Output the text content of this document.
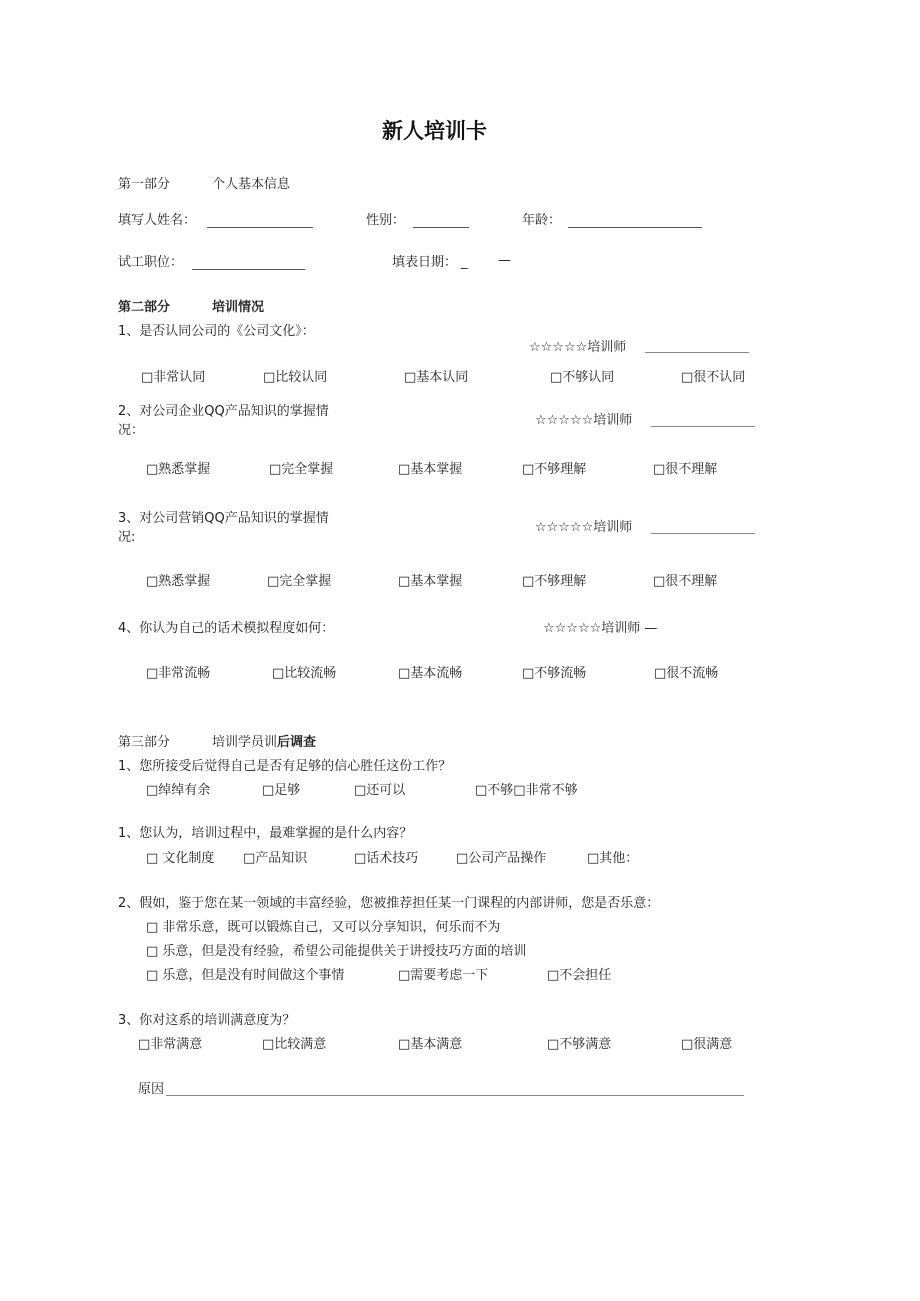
新人培训卡
第一部分	个人基本信息
填写人姓名：	性别：	年龄：
试工职位：	填表日期： _ —
第二部分	培训情况
1、是否认同公司的《公司文化》：
☆☆☆☆☆培训师
□非常认同	□比较认同	□基本认同	□不够认同	□很不认同
2、对公司企业QQ产品知识的掌握情
况：
☆☆☆☆☆培训师
□熟悉掌握	□完全掌握	□基本掌握	□不够理解	□很不理解
3、对公司营销QQ产品知识的掌握情
况:
☆☆☆☆☆培训师
□熟悉掌握	□完全掌握	□基本掌握	□不够理解	□很不理解
4、你认为自己的话术模拟程度如何：	☆☆☆☆☆培训师 —
□非常流畅	□比较流畅	□基本流畅	□不够流畅	□很不流畅
第三部分	培训学员训后调查
1、您所接受后觉得自己是否有足够的信心胜任这份工作？
□绰绰有余	□足够	□还可以	□不够□非常不够
1、您认为，培训过程中，最难掌握的是什么内容？
□ 文化制度 □产品知识	□话术技巧	□公司产品操作	□其他：
2、假如，鉴于您在某一领域的丰富经验，您被推荐担任某一门课程的内部讲师，您是否乐意：
□ 非常乐意，既可以锻炼自己，又可以分享知识，何乐而不为
□ 乐意，但是没有经验，希望公司能提供关于讲授技巧方面的培训
□ 乐意，但是没有时间做这个事情	□需要考虑一下	□不会担任
3、你对这系的培训满意度为？
□非常满意	□比较满意	□基本满意	□不够满意	□很满意
原因
